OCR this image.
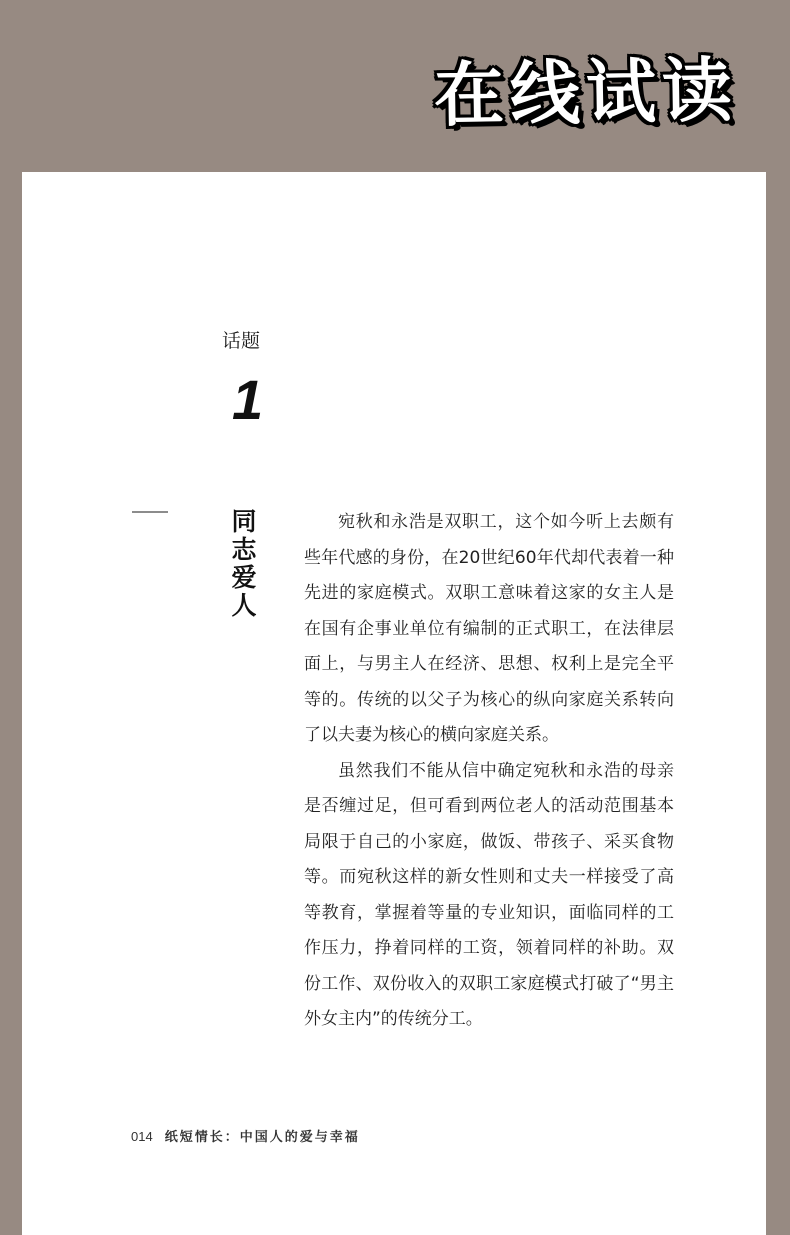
在线试读
话题
1
同志爱人

宛秋和永浩是双职工，这个如今听上去颇有些年代感的身份，在20世纪60年代却代表着一种先进的家庭模式。双职工意味着这家的女主人是在国有企事业单位有编制的正式职工，在法律层面上，与男主人在经济、思想、权利上是完全平等的。传统的以父子为核心的纵向家庭关系转向了以夫妻为核心的横向家庭关系。

虽然我们不能从信中确定宛秋和永浩的母亲是否缠过足，但可看到两位老人的活动范围基本局限于自己的小家庭，做饭、带孩子、采买食物等。而宛秋这样的新女性则和丈夫一样接受了高等教育，掌握着等量的专业知识，面临同样的工作压力，挣着同样的工资，领着同样的补助。双份工作、双份收入的双职工家庭模式打破了“男主外女主内”的传统分工。

014 纸短情长：中国人的爱与幸福
